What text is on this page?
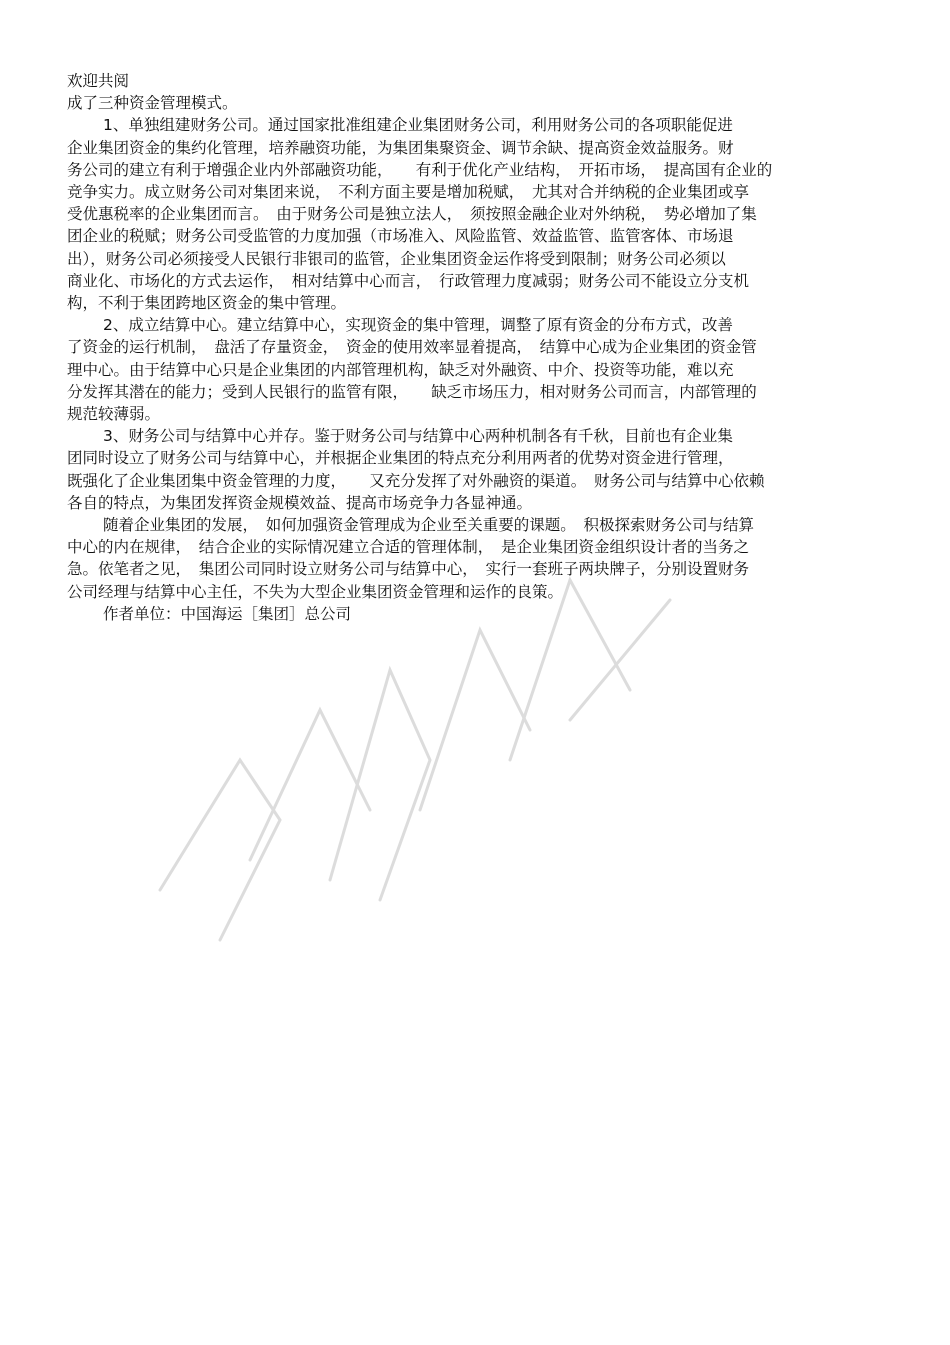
欢迎共阅

成了三种资金管理模式。

1、单独组建财务公司。通过国家批准组建企业集团财务公司，利用财务公司的各项职能促进

企业集团资金的集约化管理，培养融资功能，为集团集聚资金、调节余缺、提高资金效益服务。财

务公司的建立有利于增强企业内外部融资功能，　　有利于优化产业结构，　开拓市场，　提高国有企业的

竞争实力。成立财务公司对集团来说，　不利方面主要是增加税赋，　尤其对合并纳税的企业集团或享

受优惠税率的企业集团而言。　由于财务公司是独立法人，　须按照金融企业对外纳税，　势必增加了集

团企业的税赋；财务公司受监管的力度加强（市场准入、风险监管、效益监管、监管客体、市场退

出），财务公司必须接受人民银行非银司的监管，企业集团资金运作将受到限制；财务公司必须以

商业化、市场化的方式去运作，　相对结算中心而言，　行政管理力度减弱；财务公司不能设立分支机

构，不利于集团跨地区资金的集中管理。

2、成立结算中心。建立结算中心，实现资金的集中管理，调整了原有资金的分布方式，改善

了资金的运行机制，　盘活了存量资金，　资金的使用效率显着提高，　结算中心成为企业集团的资金管

理中心。由于结算中心只是企业集团的内部管理机构，缺乏对外融资、中介、投资等功能，难以充

分发挥其潜在的能力；受到人民银行的监管有限，　　缺乏市场压力，相对财务公司而言，内部管理的

规范较薄弱。

3、财务公司与结算中心并存。鉴于财务公司与结算中心两种机制各有千秋，目前也有企业集

团同时设立了财务公司与结算中心，并根据企业集团的特点充分利用两者的优势对资金进行管理，

既强化了企业集团集中资金管理的力度，　　又充分发挥了对外融资的渠道。　财务公司与结算中心依赖

各自的特点，为集团发挥资金规模效益、提高市场竞争力各显神通。

随着企业集团的发展，　如何加强资金管理成为企业至关重要的课题。　积极探索财务公司与结算

中心的内在规律，　结合企业的实际情况建立合适的管理体制，　是企业集团资金组织设计者的当务之

急。依笔者之见，　集团公司同时设立财务公司与结算中心，　实行一套班子两块牌子，分别设置财务

公司经理与结算中心主任，不失为大型企业集团资金管理和运作的良策。

作者单位：中国海运［集团］总公司
